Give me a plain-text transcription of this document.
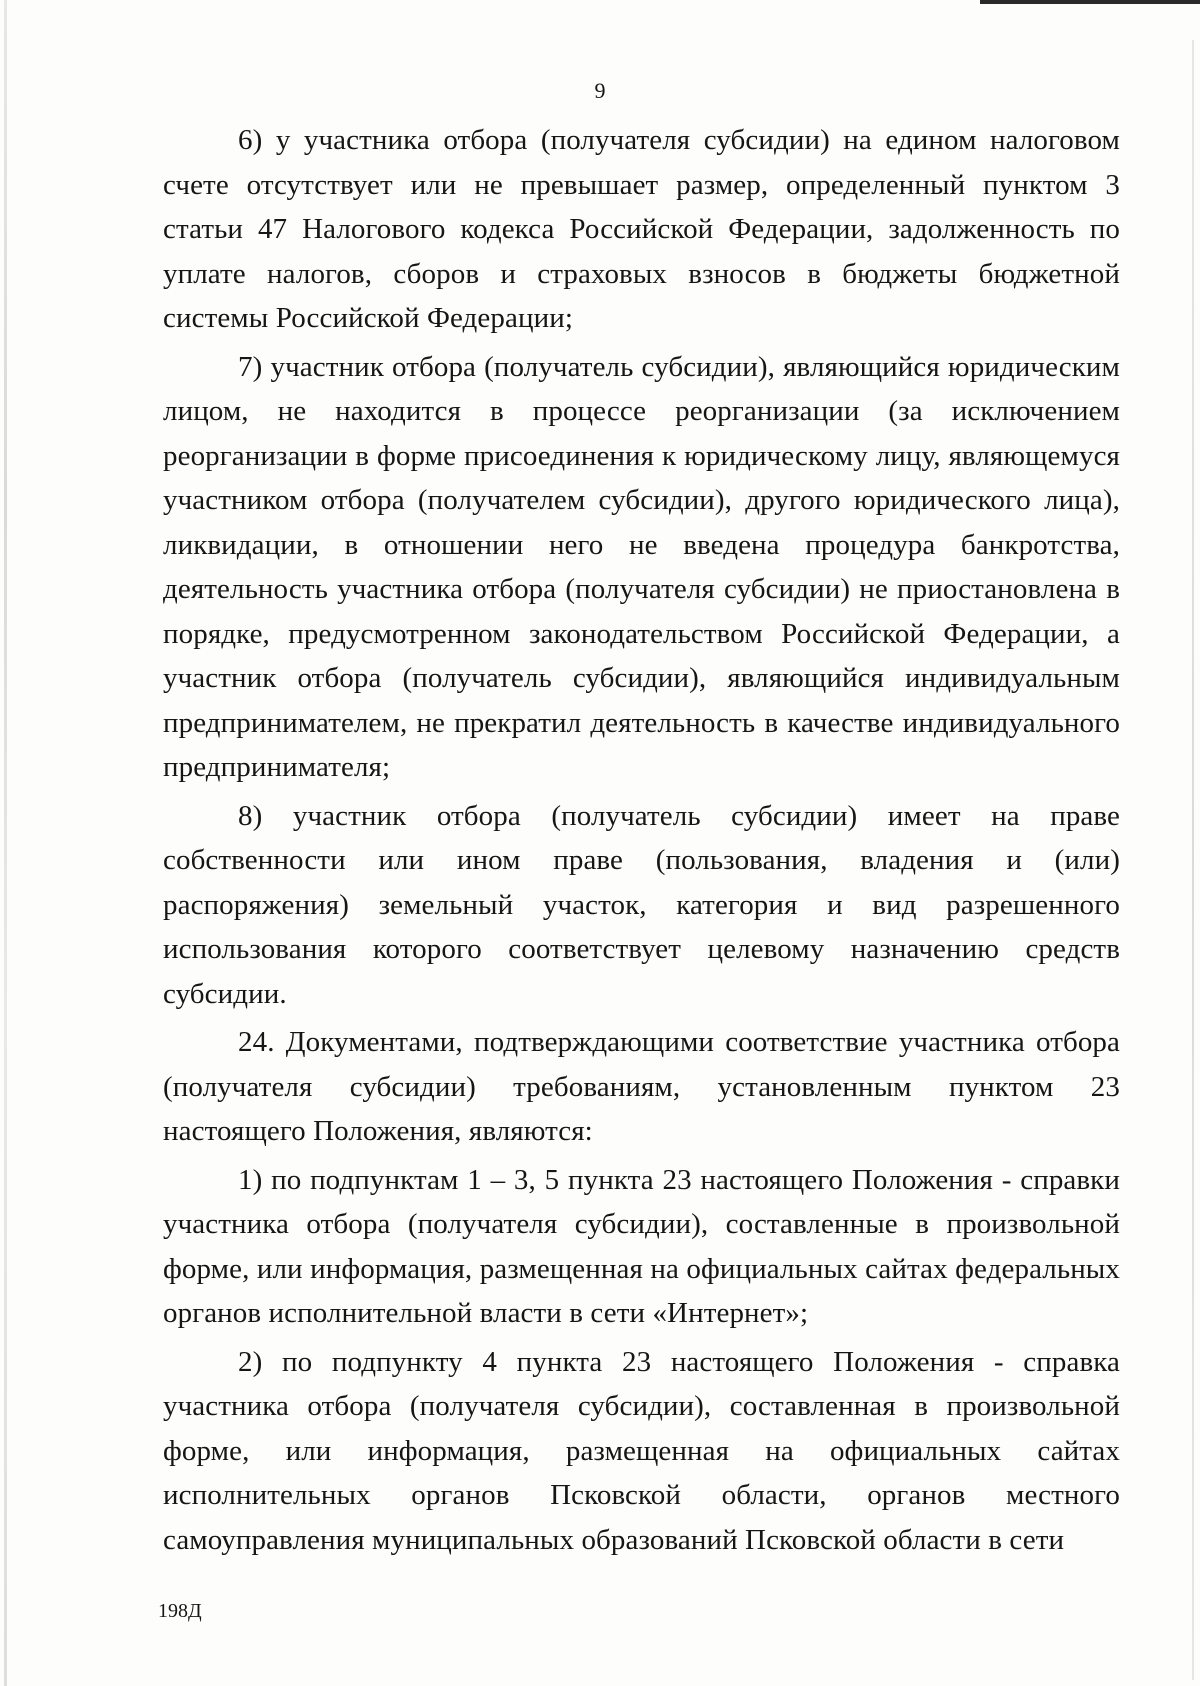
9

6) у участника отбора (получателя субсидии) на едином налоговом счете отсутствует или не превышает размер, определенный пунктом 3 статьи 47 Налогового кодекса Российской Федерации, задолженность по уплате налогов, сборов и страховых взносов в бюджеты бюджетной системы Российской Федерации;

7) участник отбора (получатель субсидии), являющийся юридическим лицом, не находится в процессе реорганизации (за исключением реорганизации в форме присоединения к юридическому лицу, являющемуся участником отбора (получателем субсидии), другого юридического лица), ликвидации, в отношении него не введена процедура банкротства, деятельность участника отбора (получателя субсидии) не приостановлена в порядке, предусмотренном законодательством Российской Федерации, а участник отбора (получатель субсидии), являющийся индивидуальным предпринимателем, не прекратил деятельность в качестве индивидуального предпринимателя;

8) участник отбора (получатель субсидии) имеет на праве собственности или ином праве (пользования, владения и (или) распоряжения) земельный участок, категория и вид разрешенного использования которого соответствует целевому назначению средств субсидии.

24. Документами, подтверждающими соответствие участника отбора (получателя субсидии) требованиям, установленным пунктом 23 настоящего Положения, являются:

1) по подпунктам 1 – 3, 5 пункта 23 настоящего Положения - справки участника отбора (получателя субсидии), составленные в произвольной форме, или информация, размещенная на официальных сайтах федеральных органов исполнительной власти в сети «Интернет»;

2) по подпункту 4 пункта 23 настоящего Положения - справка участника отбора (получателя субсидии), составленная в произвольной форме, или информация, размещенная на официальных сайтах исполнительных органов Псковской области, органов местного самоуправления муниципальных образований Псковской области в сети

198Д
